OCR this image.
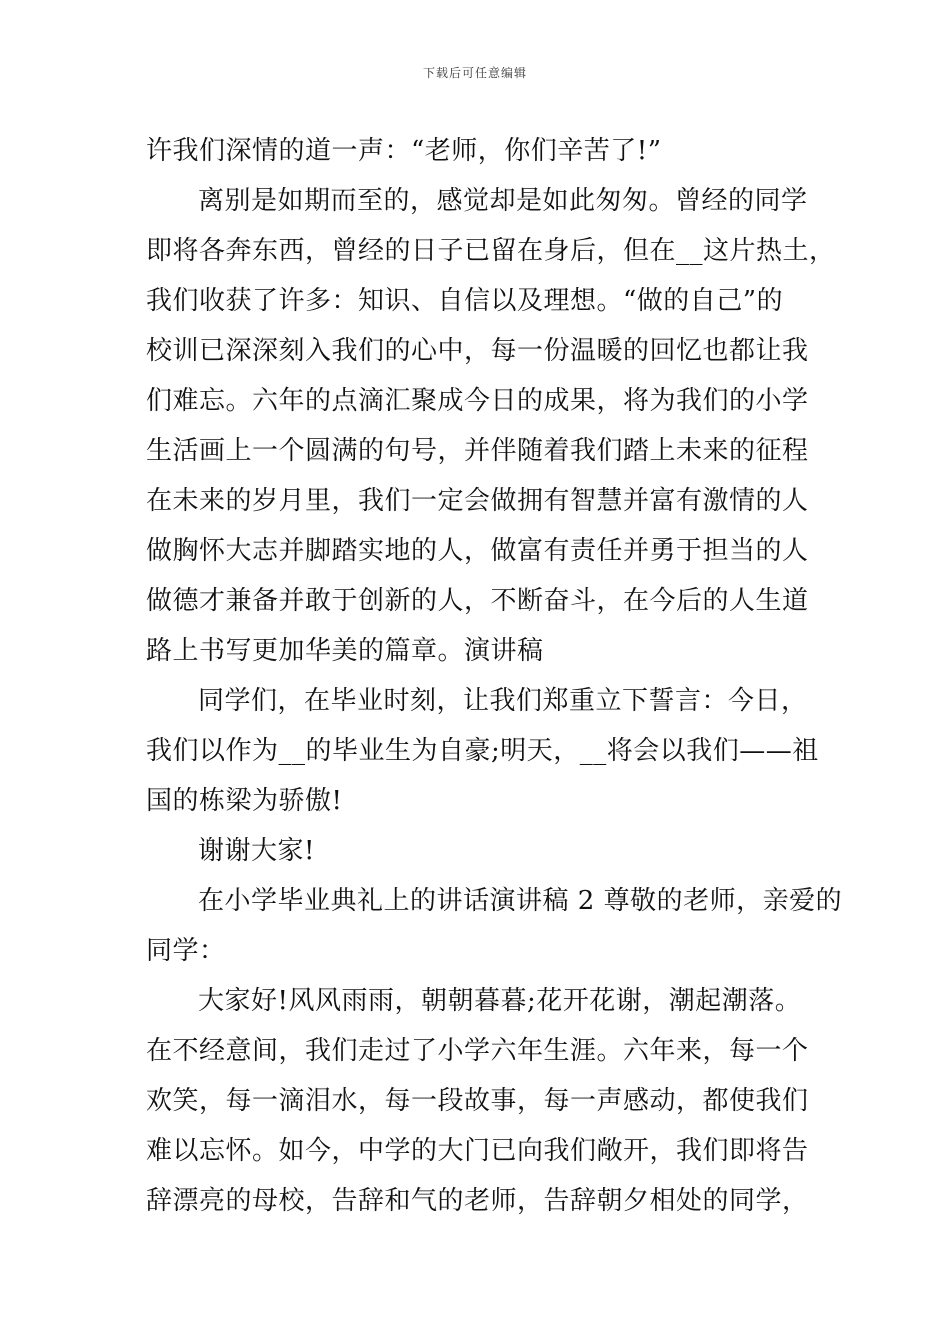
下载后可任意编辑
许我们深情的道一声：“老师，你们辛苦了!”
离别是如期而至的，感觉却是如此匆匆。曾经的同学
即将各奔东西，曾经的日子已留在身后，但在__这片热土，
我们收获了许多：知识、自信以及理想。“做的自己”的
校训已深深刻入我们的心中，每一份温暖的回忆也都让我
们难忘。六年的点滴汇聚成今日的成果，将为我们的小学
生活画上一个圆满的句号，并伴随着我们踏上未来的征程
在未来的岁月里，我们一定会做拥有智慧并富有激情的人
做胸怀大志并脚踏实地的人，做富有责任并勇于担当的人
做德才兼备并敢于创新的人，不断奋斗，在今后的人生道
路上书写更加华美的篇章。演讲稿
同学们，在毕业时刻，让我们郑重立下誓言：今日，
我们以作为__的毕业生为自豪;明天，__将会以我们——祖
国的栋梁为骄傲!
谢谢大家!
在小学毕业典礼上的讲话演讲稿 2 尊敬的老师，亲爱的
同学：
大家好!风风雨雨，朝朝暮暮;花开花谢，潮起潮落。
在不经意间，我们走过了小学六年生涯。六年来，每一个
欢笑，每一滴泪水，每一段故事，每一声感动，都使我们
难以忘怀。如今，中学的大门已向我们敞开，我们即将告
辞漂亮的母校，告辞和气的老师，告辞朝夕相处的同学，
